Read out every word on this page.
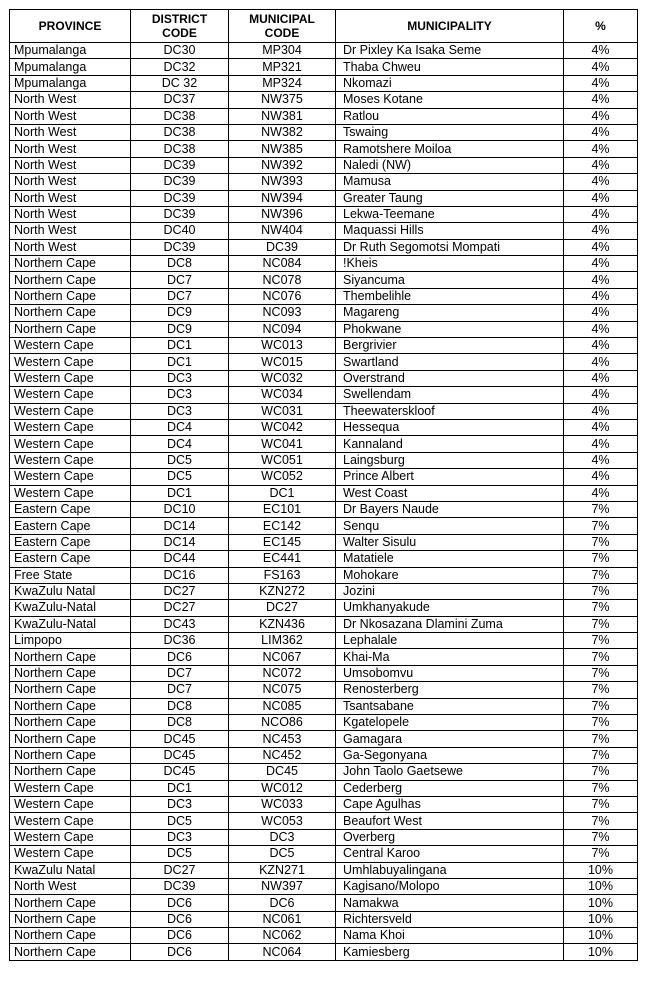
PROVINCE	DISTRICT CODE	MUNICIPAL CODE	MUNICIPALITY	%
Mpumalanga	DC30	MP304	Dr Pixley Ka Isaka Seme	4%
Mpumalanga	DC32	MP321	Thaba Chweu	4%
Mpumalanga	DC 32	MP324	Nkomazi	4%
North West	DC37	NW375	Moses Kotane	4%
North West	DC38	NW381	Ratlou	4%
North West	DC38	NW382	Tswaing	4%
North West	DC38	NW385	Ramotshere Moiloa	4%
North West	DC39	NW392	Naledi (NW)	4%
North West	DC39	NW393	Mamusa	4%
North West	DC39	NW394	Greater Taung	4%
North West	DC39	NW396	Lekwa-Teemane	4%
North West	DC40	NW404	Maquassi Hills	4%
North West	DC39	DC39	Dr Ruth Segomotsi Mompati	4%
Northern Cape	DC8	NC084	!Kheis	4%
Northern Cape	DC7	NC078	Siyancuma	4%
Northern Cape	DC7	NC076	Thembelihle	4%
Northern Cape	DC9	NC093	Magareng	4%
Northern Cape	DC9	NC094	Phokwane	4%
Western Cape	DC1	WC013	Bergrivier	4%
Western Cape	DC1	WC015	Swartland	4%
Western Cape	DC3	WC032	Overstrand	4%
Western Cape	DC3	WC034	Swellendam	4%
Western Cape	DC3	WC031	Theewaterskloof	4%
Western Cape	DC4	WC042	Hessequa	4%
Western Cape	DC4	WC041	Kannaland	4%
Western Cape	DC5	WC051	Laingsburg	4%
Western Cape	DC5	WC052	Prince Albert	4%
Western Cape	DC1	DC1	West Coast	4%
Eastern Cape	DC10	EC101	Dr Bayers Naude	7%
Eastern Cape	DC14	EC142	Senqu	7%
Eastern Cape	DC14	EC145	Walter Sisulu	7%
Eastern Cape	DC44	EC441	Matatiele	7%
Free State	DC16	FS163	Mohokare	7%
KwaZulu Natal	DC27	KZN272	Jozini	7%
KwaZulu-Natal	DC27	DC27	Umkhanyakude	7%
KwaZulu-Natal	DC43	KZN436	Dr Nkosazana Dlamini Zuma	7%
Limpopo	DC36	LIM362	Lephalale	7%
Northern Cape	DC6	NC067	Khai-Ma	7%
Northern Cape	DC7	NC072	Umsobomvu	7%
Northern Cape	DC7	NC075	Renosterberg	7%
Northern Cape	DC8	NC085	Tsantsabane	7%
Northern Cape	DC8	NCO86	Kgatelopele	7%
Northern Cape	DC45	NC453	Gamagara	7%
Northern Cape	DC45	NC452	Ga-Segonyana	7%
Northern Cape	DC45	DC45	John Taolo Gaetsewe	7%
Western Cape	DC1	WC012	Cederberg	7%
Western Cape	DC3	WC033	Cape Agulhas	7%
Western Cape	DC5	WC053	Beaufort West	7%
Western Cape	DC3	DC3	Overberg	7%
Western Cape	DC5	DC5	Central Karoo	7%
KwaZulu Natal	DC27	KZN271	Umhlabuyalingana	10%
North West	DC39	NW397	Kagisano/Molopo	10%
Northern Cape	DC6	DC6	Namakwa	10%
Northern Cape	DC6	NC061	Richtersveld	10%
Northern Cape	DC6	NC062	Nama Khoi	10%
Northern Cape	DC6	NC064	Kamiesberg	10%
